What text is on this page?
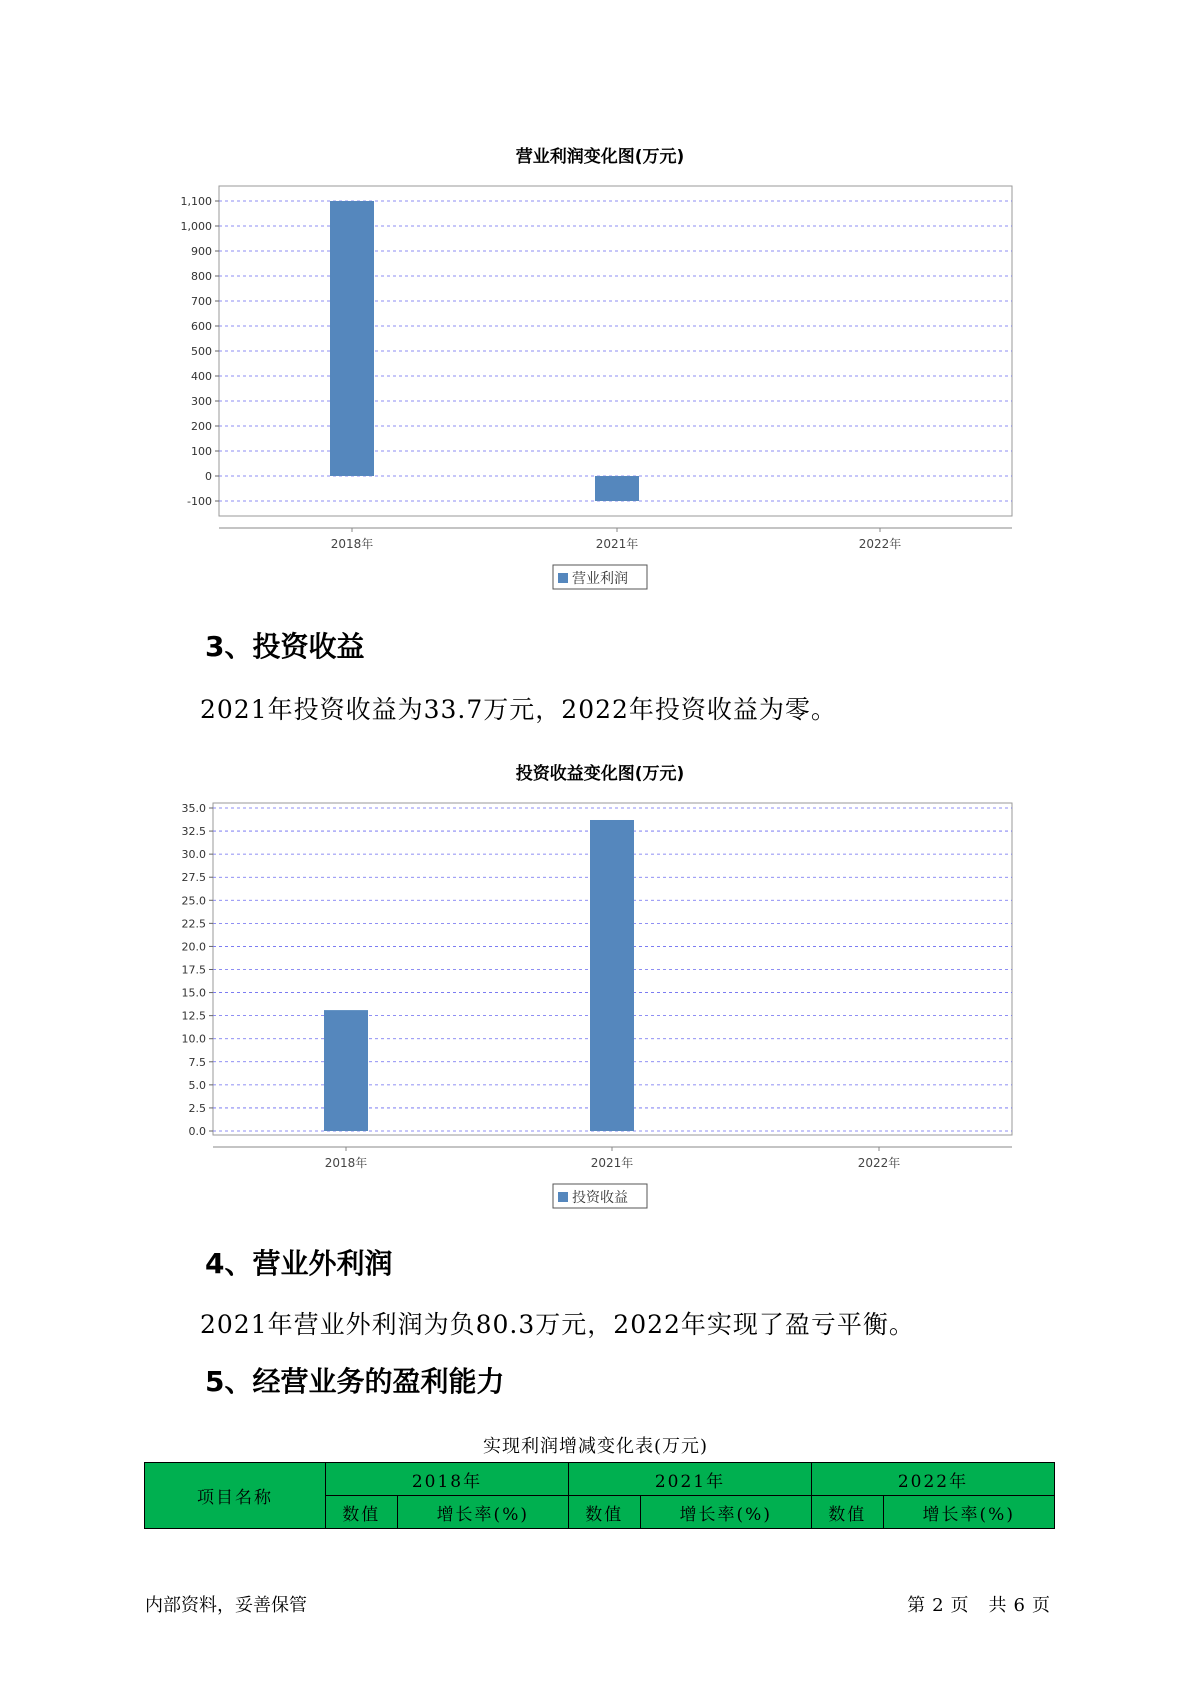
营业利润变化图(万元)
-100
0
100
200
300
400
500
600
700
800
900
1,000
1,100
2018年	2021年	2022年
营业利润
3、投资收益

2021年投资收益为33.7万元，2022年投资收益为零。

投资收益变化图(万元)
0.0
2.5
5.0
7.5
10.0
12.5
15.0
17.5
20.0
22.5
25.0
27.5
30.0
32.5
35.0
2018年	2021年	2022年
投资收益
4、营业外利润

2021年营业外利润为负80.3万元，2022年实现了盈亏平衡。

5、经营业务的盈利能力
实现利润增减变化表(万元)
项目名称	2018年		2021年		2022年	
	数值	增长率(%)	数值	增长率(%)	数值	增长率(%)
内部资料，妥善保管	第 2 页　共 6 页
